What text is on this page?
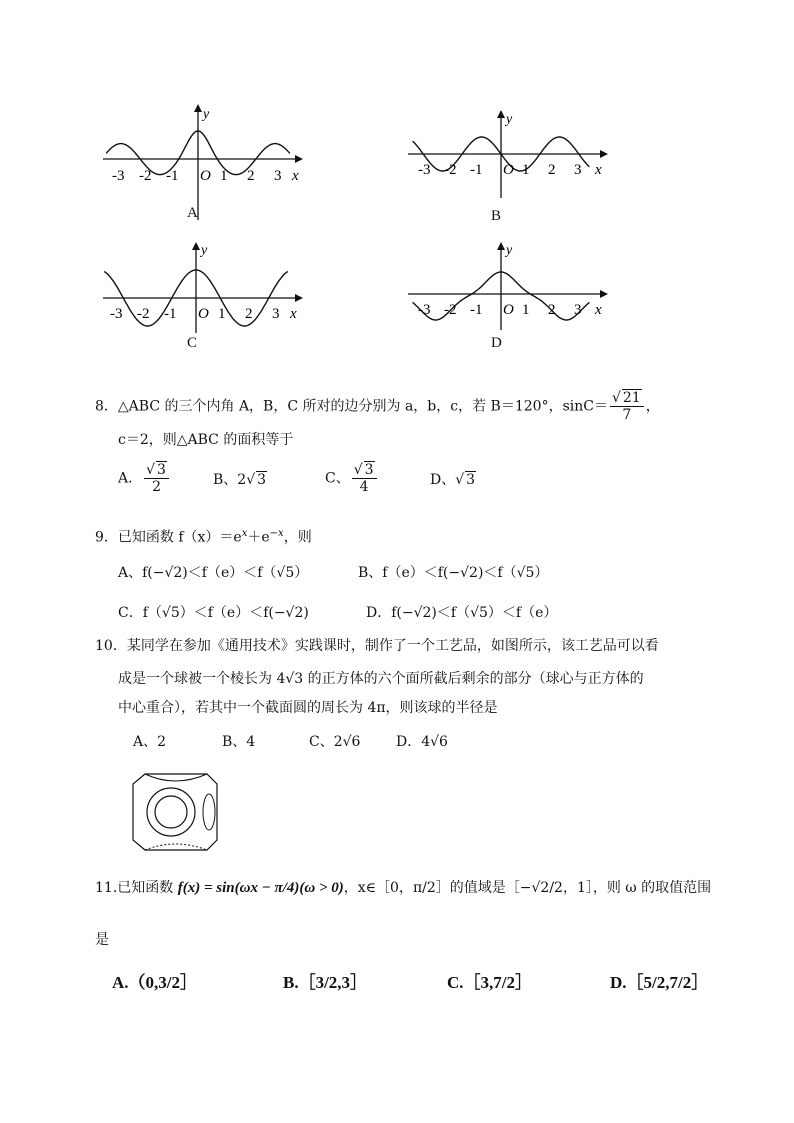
-3 -2 -1 O 1 2 3
y
x
A
-3 -2 -1 O 1 2 3
y
x
B
-3 -2 -1 O 1 2 3
y
x
C
-3 -2 -1 O 1 2 3
y
x
D
8．△ABC 的三个内角 A，B，C 所对的边分别为 a，b，c，若 B＝120°，$\sin C= \frac{√ 21}{7}$ ，
c＝2，则△ABC 的面积等于
A． $\frac{√ 3}{2}$	B、2√ 3	C、 $\frac{√ 3}{4}$	D、√ 3
9．已知函数 $f(x)=e^x+e^{-x}$，则
A、f(−√2)＜f（e）＜f（√5）	B、f（e）＜f(−√2)＜f（√5）
C．f（√5）＜f（e）＜f(−√2)	D．f(−√2)＜f（√5）＜f（e）
10．某同学在参加《通用技术》实践课时，制作了一个工艺品，如图所示，该工艺品可以看
成是一个球被一个棱长为 4√3 的正方体的六个面所截后剩余的部分（球心与正方体的
中心重合），若其中一个截面圆的周长为 4π，则该球的半径是
A、2	B、4	C、2√6	D．4√6
11.已知函数 f(x) = sin(ωx − π/4)(ω > 0)，x∈［0，π/2］的值域是［−√2/2，1］，则 ω 的取值范围
是
A.（0,3/2］	B.［3/2,3］	C.［3,7/2］	D.［5/2,7/2］
